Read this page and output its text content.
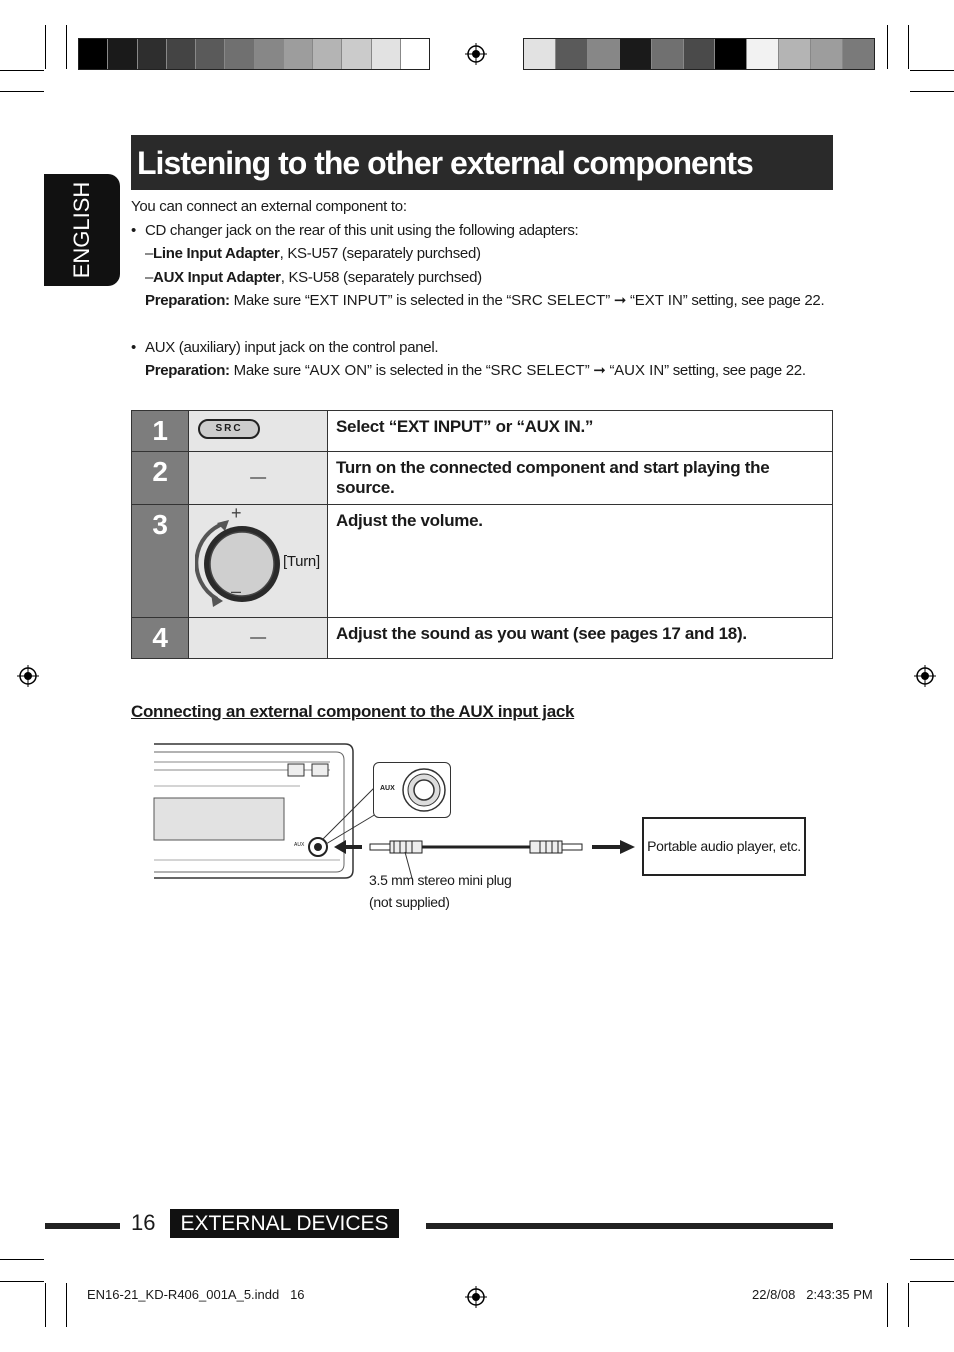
Listening to the other external components
ENGLISH You can connect an external component to:
• CD changer jack on the rear of this unit using the following adapters:
–Line Input Adapter, KS-U57 (separately purchsed)
–AUX Input Adapter, KS-U58 (separately purchsed)
Preparation: Make sure “EXT INPUT” is selected in the “SRC SELECT” ➞ “EXT IN” setting, see page 22.
• AUX (auxiliary) input jack on the control panel.
Preparation: Make sure “AUX ON” is selected in the “SRC SELECT” ➞ “AUX IN” setting, see page 22.
1	SRC	Select “EXT INPUT” or “AUX IN.”
2	—	Turn on the connected component and start playing the source.
3	+
–
[Turn]	Adjust the volume.
4	—	Adjust the sound as you want (see pages 17 and 18).
Connecting an external component to the AUX input jack
AUX
AUX
Portable audio player, etc.
3.5 mm stereo mini plug
(not supplied)
16	EXTERNAL DEVICES
EN16-21_KD-R406_001A_5.indd   16	22/8/08   2:43:35 PM
